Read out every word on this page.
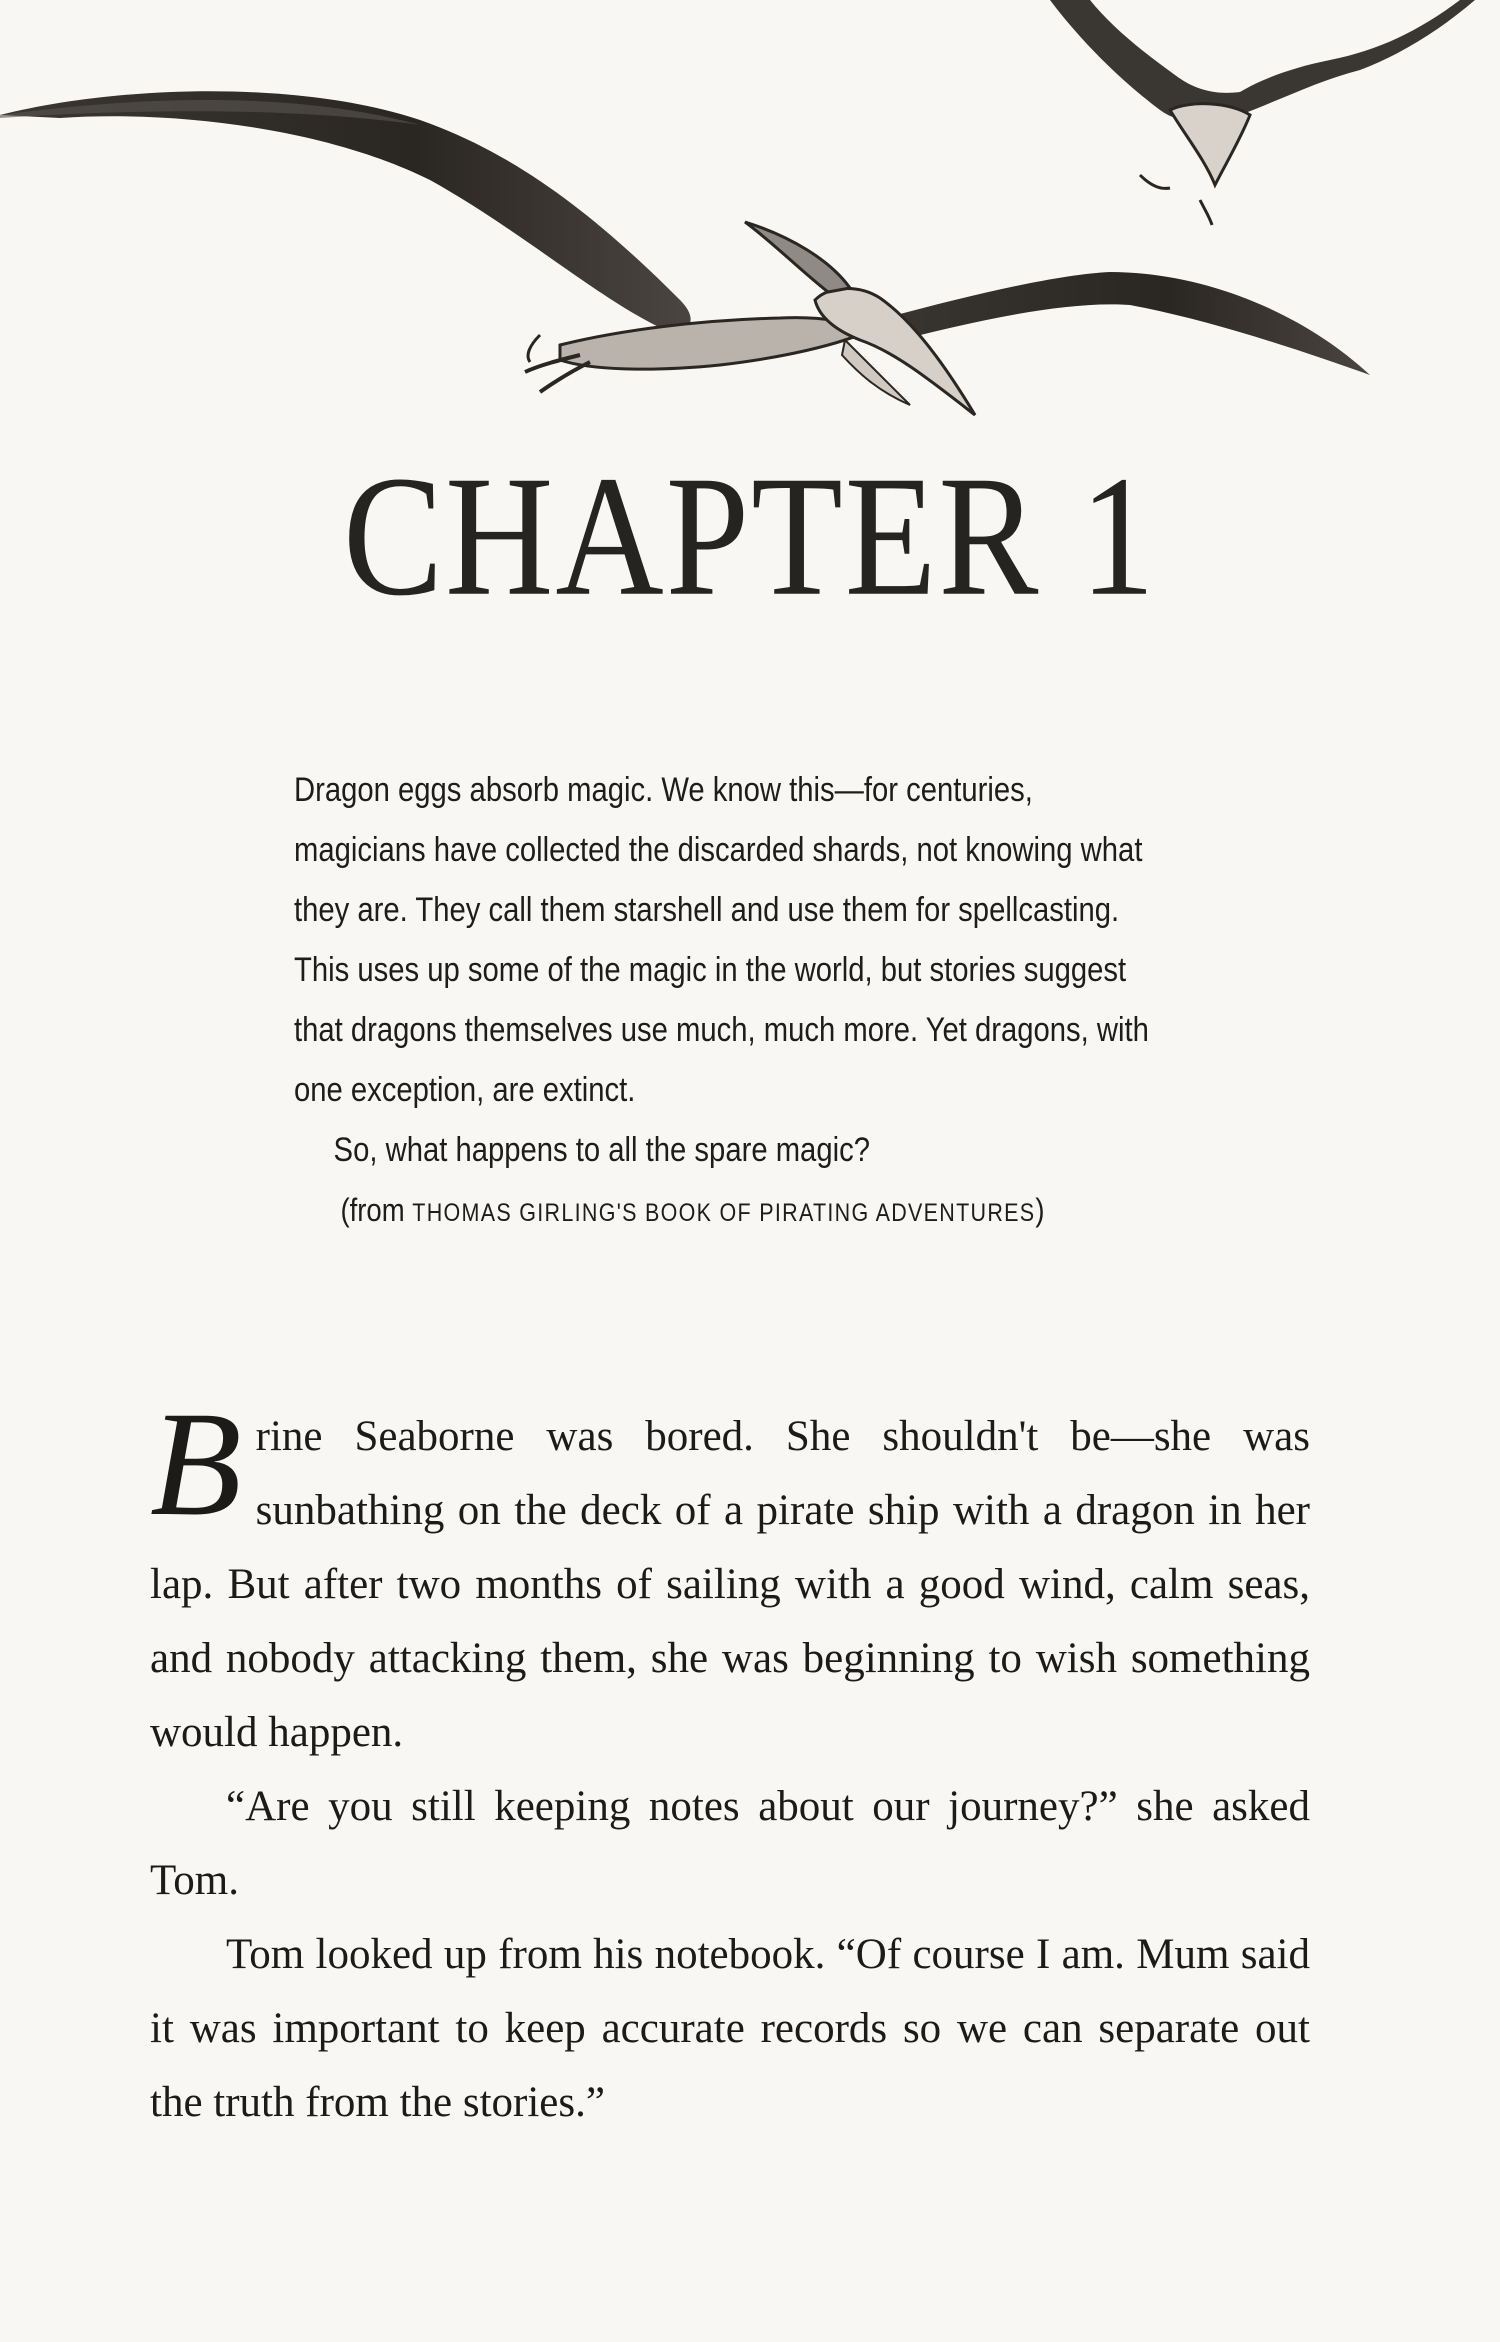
CHAPTER 1

Dragon eggs absorb magic. We know this—for centuries, magicians have collected the discarded shards, not knowing what they are. They call them starshell and use them for spellcasting. This uses up some of the magic in the world, but stories suggest that dragons themselves use much, much more. Yet dragons, with one exception, are extinct.

So, what happens to all the spare magic?

(from THOMAS GIRLING'S BOOK OF PIRATING ADVENTURES)

Brine Seaborne was bored. She shouldn't be—she was sunbathing on the deck of a pirate ship with a dragon in her lap. But after two months of sailing with a good wind, calm seas, and nobody attacking them, she was beginning to wish something would happen.

“Are you still keeping notes about our journey?” she asked Tom.

Tom looked up from his notebook. “Of course I am. Mum said it was important to keep accurate records so we can separate out the truth from the stories.”
